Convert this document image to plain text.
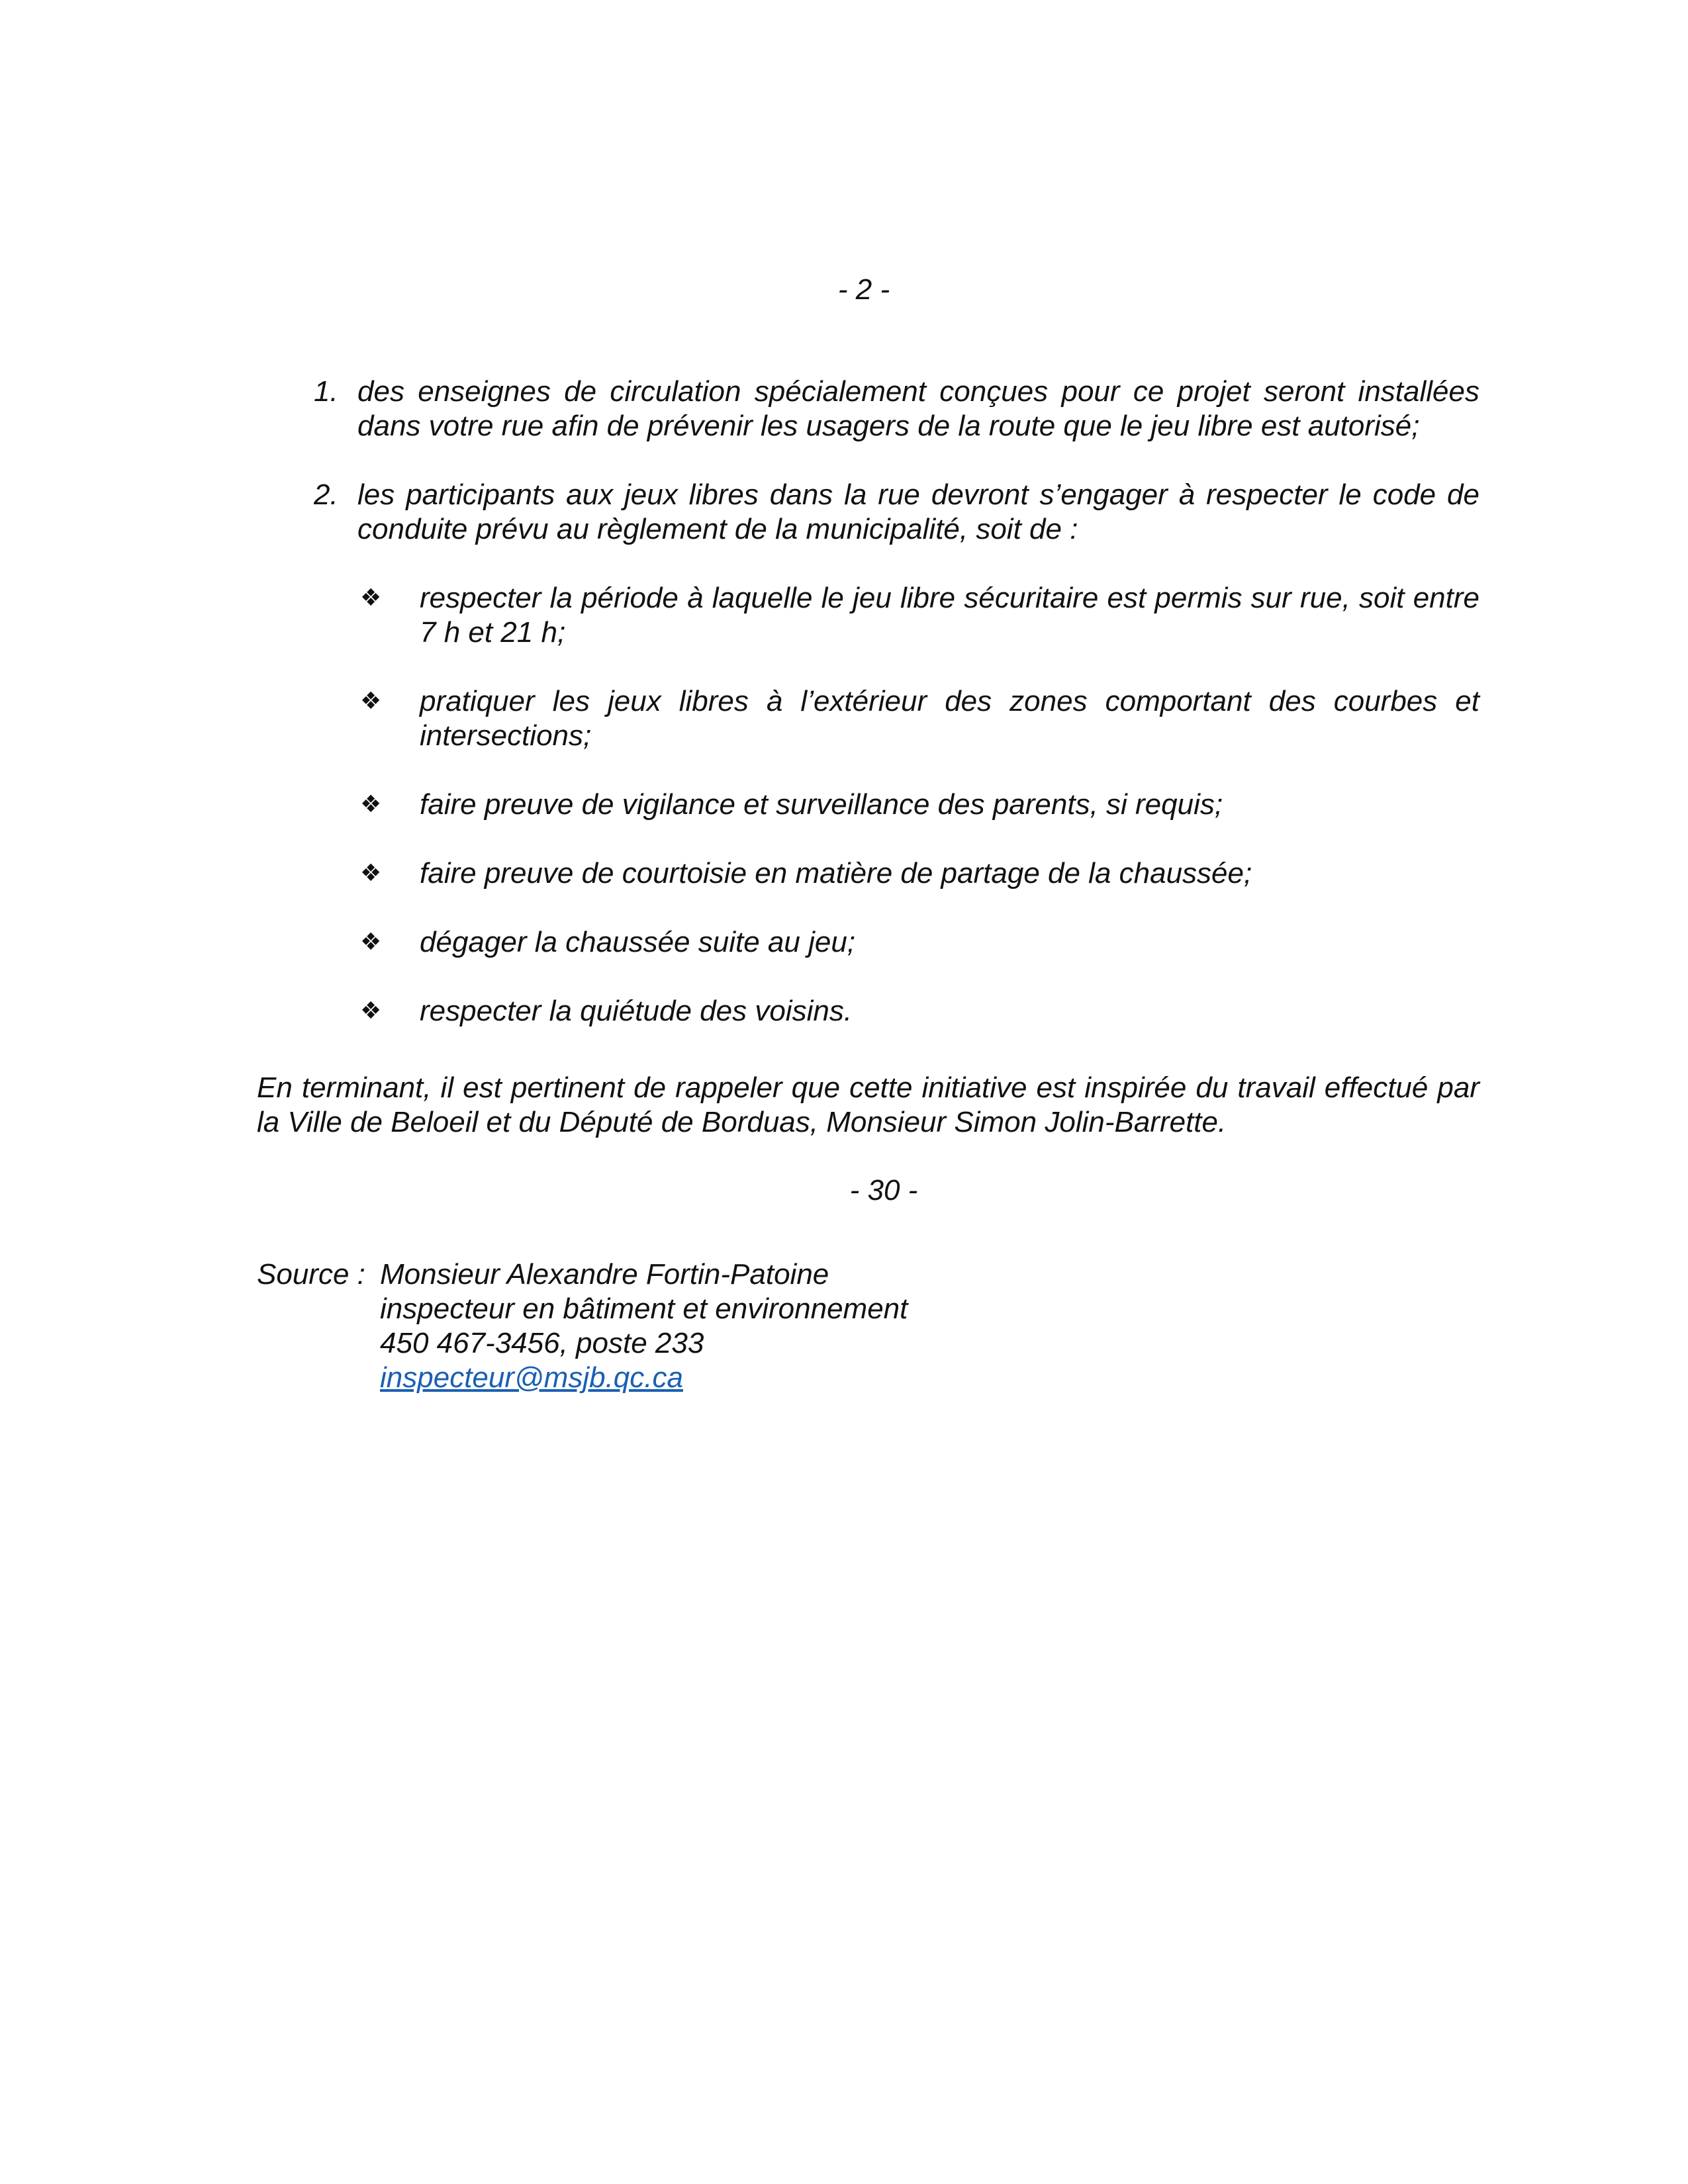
- 2 -
1. des enseignes de circulation spécialement conçues pour ce projet seront installées dans votre rue afin de prévenir les usagers de la route que le jeu libre est autorisé;
2. les participants aux jeux libres dans la rue devront s’engager à respecter le code de conduite prévu au règlement de la municipalité, soit de :
❖ respecter la période à laquelle le jeu libre sécuritaire est permis sur rue, soit entre 7 h et 21 h;
❖ pratiquer les jeux libres à l’extérieur des zones comportant des courbes et intersections;
❖ faire preuve de vigilance et surveillance des parents, si requis;
❖ faire preuve de courtoisie en matière de partage de la chaussée;
❖ dégager la chaussée suite au jeu;
❖ respecter la quiétude des voisins.
En terminant, il est pertinent de rappeler que cette initiative est inspirée du travail effectué par la Ville de Beloeil et du Député de Borduas, Monsieur Simon Jolin-Barrette.
- 30 -
Source : Monsieur Alexandre Fortin-Patoine
inspecteur en bâtiment et environnement
450 467-3456, poste 233
inspecteur@msjb.qc.ca
